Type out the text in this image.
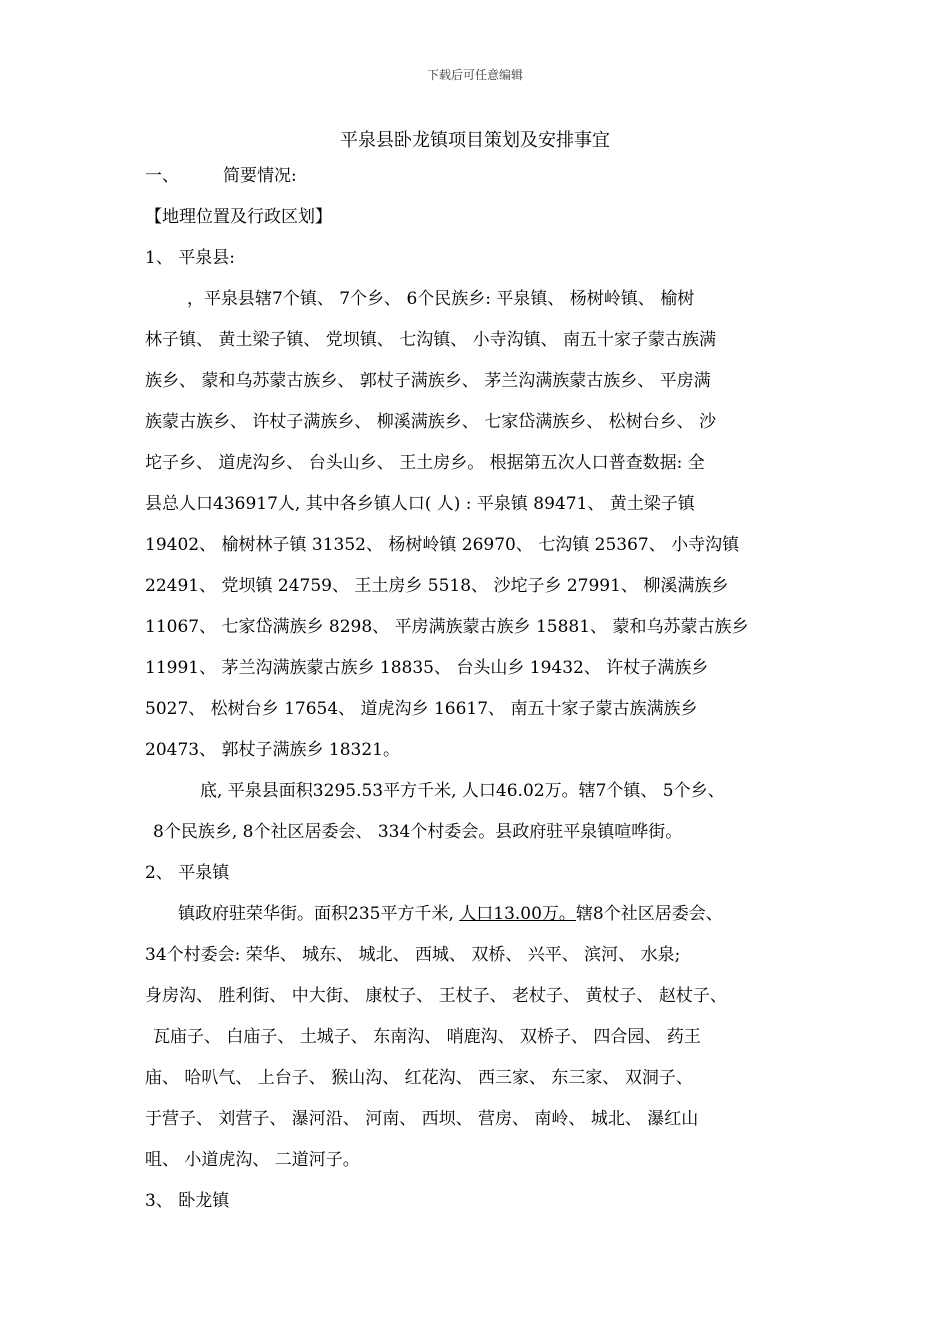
下载后可任意编辑
平泉县卧龙镇项目策划及安排事宜
一、	简要情况:
【地理位置及行政区划】
1、 平泉县:
，平泉县辖7个镇、 7个乡、 6个民族乡: 平泉镇、 杨树岭镇、 榆树
林子镇、 黄土梁子镇、 党坝镇、 七沟镇、 小寺沟镇、 南五十家子蒙古族满
族乡、 蒙和乌苏蒙古族乡、 郭杖子满族乡、 茅兰沟满族蒙古族乡、 平房满
族蒙古族乡、 许杖子满族乡、 柳溪满族乡、 七家岱满族乡、 松树台乡、 沙
坨子乡、 道虎沟乡、 台头山乡、 王土房乡。 根据第五次人口普查数据: 全
县总人口436917人, 其中各乡镇人口( 人) : 平泉镇 89471、 黄土梁子镇
19402、 榆树林子镇 31352、 杨树岭镇 26970、 七沟镇 25367、 小寺沟镇
22491、 党坝镇 24759、 王土房乡 5518、 沙坨子乡 27991、 柳溪满族乡
11067、 七家岱满族乡 8298、 平房满族蒙古族乡 15881、 蒙和乌苏蒙古族乡
11991、 茅兰沟满族蒙古族乡 18835、 台头山乡 19432、 许杖子满族乡
5027、 松树台乡 17654、 道虎沟乡 16617、 南五十家子蒙古族满族乡
20473、 郭杖子满族乡 18321。
底, 平泉县面积3295.53平方千米, 人口46.02万。辖7个镇、 5个乡、
8个民族乡, 8个社区居委会、 334个村委会。县政府驻平泉镇喧哗街。
2、 平泉镇
镇政府驻荣华街。面积235平方千米, 人口13.00万。辖8个社区居委会、
34个村委会: 荣华、 城东、 城北、 西城、 双桥、 兴平、 滨河、 水泉;
身房沟、 胜利街、 中大街、 康杖子、 王杖子、 老杖子、 黄杖子、 赵杖子、
瓦庙子、 白庙子、 土城子、 东南沟、 哨鹿沟、 双桥子、 四合园、 药王
庙、 哈叭气、 上台子、 猴山沟、 红花沟、 西三家、 东三家、 双洞子、
于营子、 刘营子、 瀑河沿、 河南、 西坝、 营房、 南岭、 城北、 瀑红山
咀、 小道虎沟、 二道河子。
3、 卧龙镇
